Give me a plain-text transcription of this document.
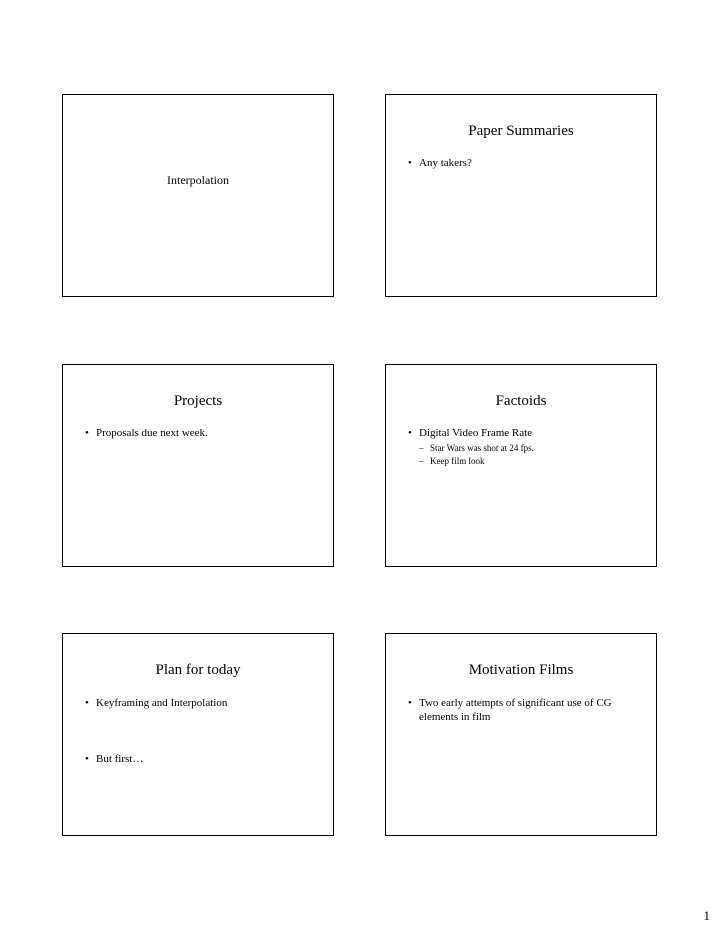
Interpolation
Paper Summaries
• Any takers?
Projects
• Proposals due next week.
Factoids
• Digital Video Frame Rate
– Star Wars was shot at 24 fps.
– Keep film look
Plan for today
• Keyframing and Interpolation
• But first…
Motivation Films
• Two early attempts of significant use of CG elements in film
1
